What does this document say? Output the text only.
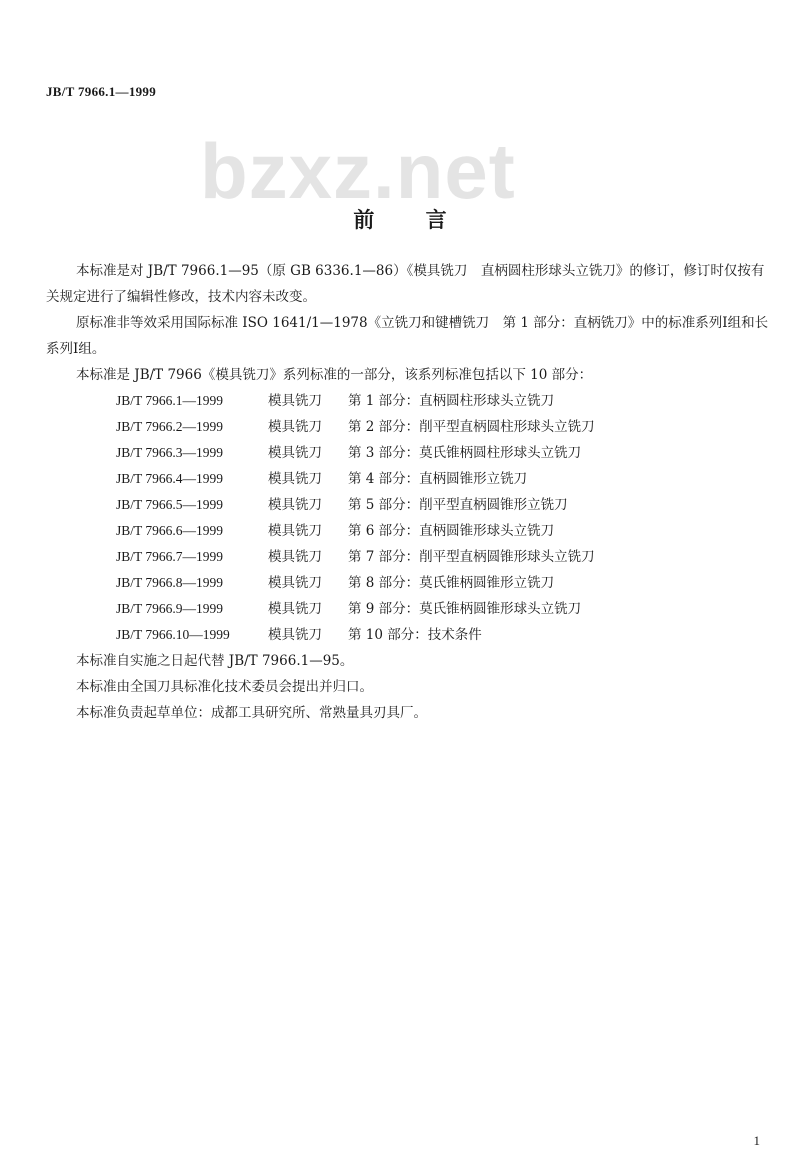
JB/T 7966.1—1999
bzxz.net
前 言

本标准是对 JB/T 7966.1—95（原 GB 6336.1—86）《模具铣刀　直柄圆柱形球头立铣刀》的修订，修订时仅按有关规定进行了编辑性修改，技术内容未改变。

原标准非等效采用国际标准 ISO 1641/1—1978《立铣刀和键槽铣刀　第 1 部分：直柄铣刀》中的标准系列Ⅰ组和长系列Ⅰ组。

本标准是 JB/T 7966《模具铣刀》系列标准的一部分，该系列标准包括以下 10 部分：

JB/T 7966.1—1999	模具铣刀 第 1 部分：直柄圆柱形球头立铣刀

JB/T 7966.2—1999	模具铣刀 第 2 部分：削平型直柄圆柱形球头立铣刀

JB/T 7966.3—1999	模具铣刀 第 3 部分：莫氏锥柄圆柱形球头立铣刀

JB/T 7966.4—1999	模具铣刀 第 4 部分：直柄圆锥形立铣刀

JB/T 7966.5—1999	模具铣刀 第 5 部分：削平型直柄圆锥形立铣刀

JB/T 7966.6—1999	模具铣刀 第 6 部分：直柄圆锥形球头立铣刀

JB/T 7966.7—1999	模具铣刀 第 7 部分：削平型直柄圆锥形球头立铣刀

JB/T 7966.8—1999	模具铣刀 第 8 部分：莫氏锥柄圆锥形立铣刀

JB/T 7966.9—1999	模具铣刀 第 9 部分：莫氏锥柄圆锥形球头立铣刀

JB/T 7966.10—1999	模具铣刀 第 10 部分：技术条件

本标准自实施之日起代替 JB/T 7966.1—95。

本标准由全国刀具标准化技术委员会提出并归口。

本标准负责起草单位：成都工具研究所、常熟量具刃具厂。

1
